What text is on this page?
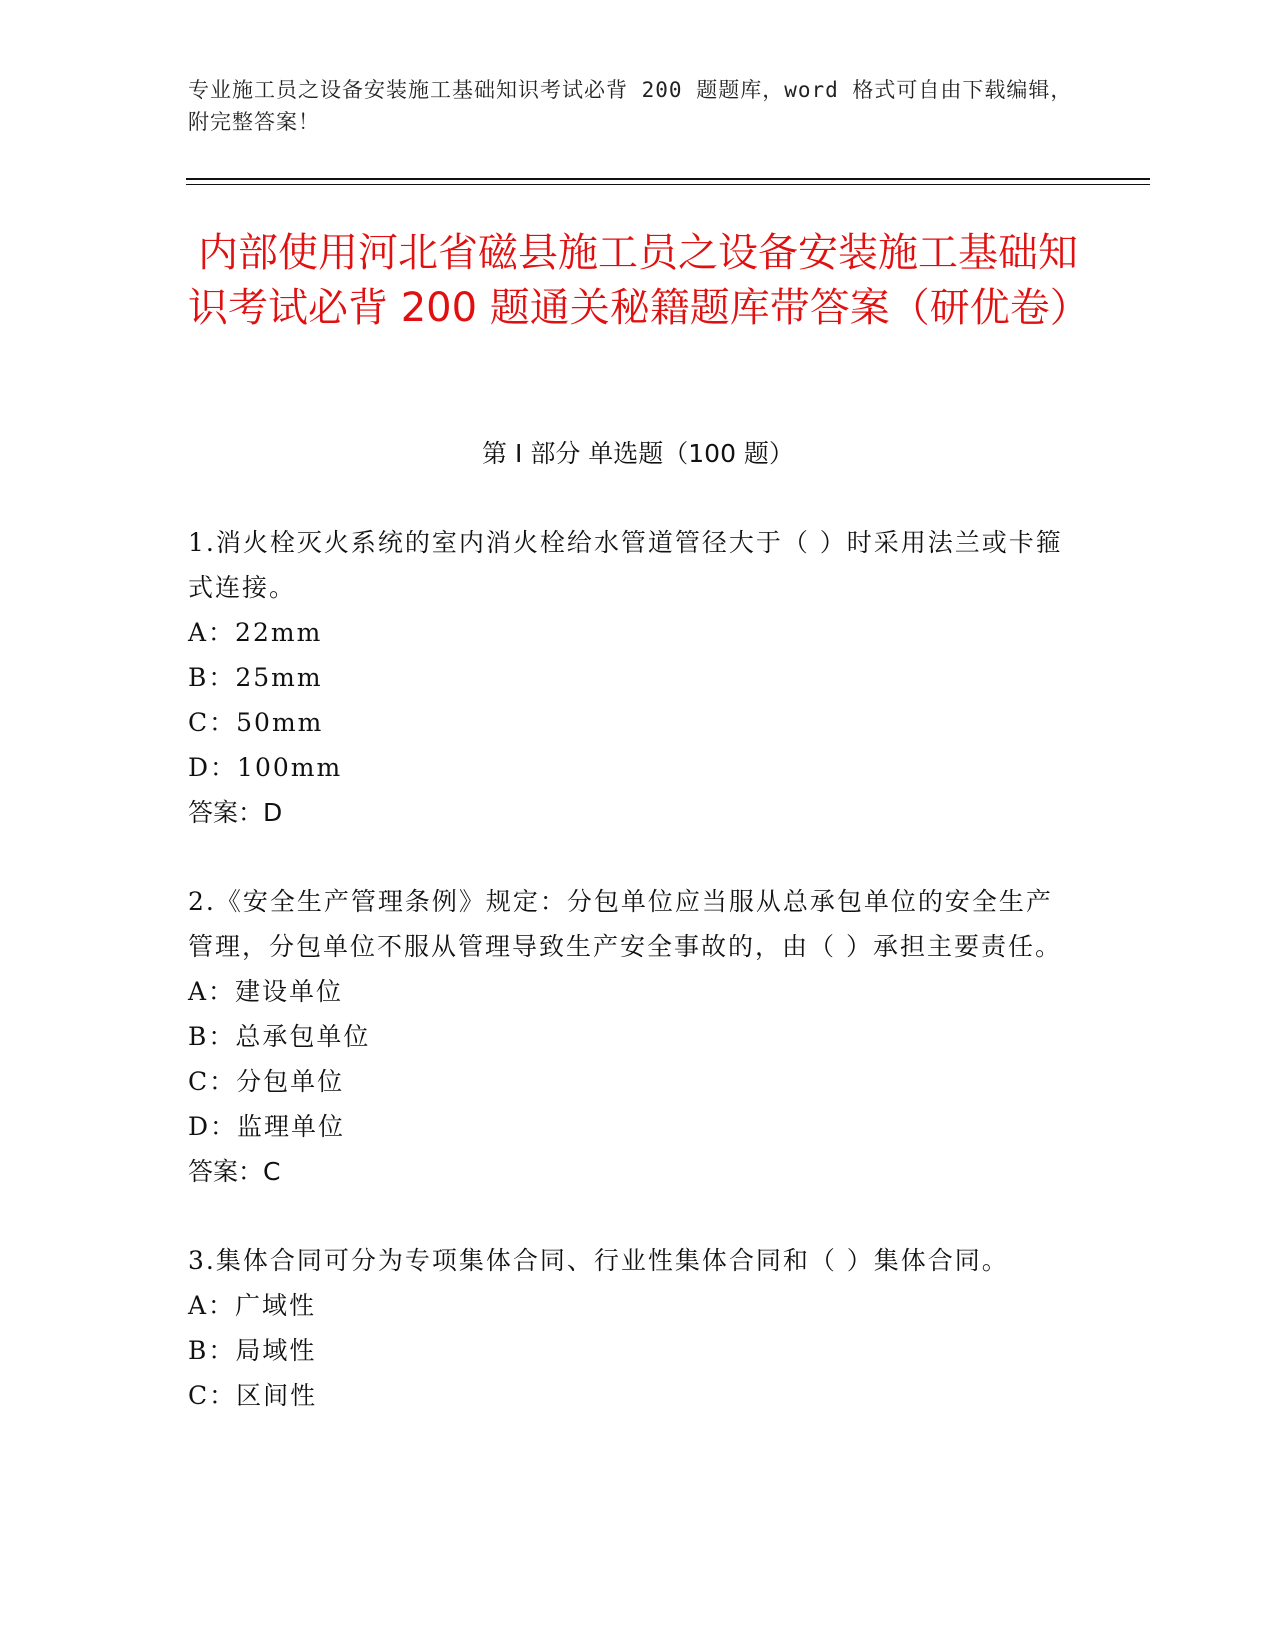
专业施工员之设备安装施工基础知识考试必背 200 题题库，word 格式可自由下载编辑，附完整答案！
内部使用河北省磁县施工员之设备安装施工基础知识考试必背 200 题通关秘籍题库带答案（研优卷）
第 I 部分 单选题（100 题）
1.消火栓灭火系统的室内消火栓给水管道管径大于（ ）时采用法兰或卡箍式连接。
A：22mm
B：25mm
C：50mm
D：100mm
答案：D
2.《安全生产管理条例》规定：分包单位应当服从总承包单位的安全生产管理，分包单位不服从管理导致生产安全事故的，由（ ）承担主要责任。
A：建设单位
B：总承包单位
C：分包单位
D：监理单位
答案：C
3.集体合同可分为专项集体合同、行业性集体合同和（ ）集体合同。
A：广域性
B：局域性
C：区间性
